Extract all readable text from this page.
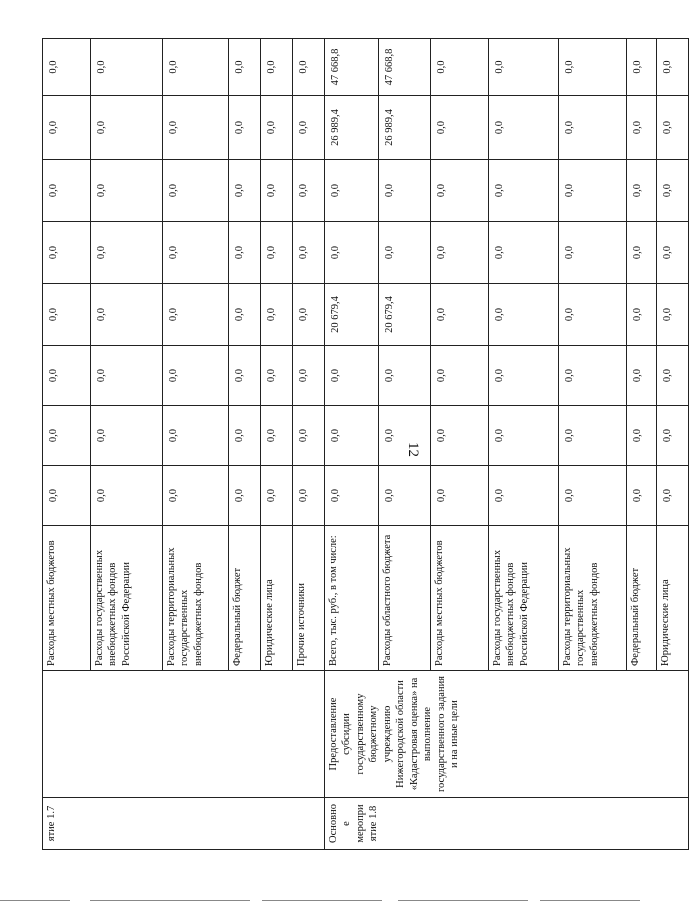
12
ятие 1.7		Расходы местных бюджетов	0,0	0,0	0,0	0,0	0,0	0,0	0,0	0,0
		Расходы государственных внебюджетных фондов Российской Федерации	0,0	0,0	0,0	0,0	0,0	0,0	0,0	0,0
		Расходы территориальных государственных внебюджетных фондов	0,0	0,0	0,0	0,0	0,0	0,0	0,0	0,0
		Федеральный бюджет	0,0	0,0	0,0	0,0	0,0	0,0	0,0	0,0
		Юридические лица	0,0	0,0	0,0	0,0	0,0	0,0	0,0	0,0
		Прочие источники	0,0	0,0	0,0	0,0	0,0	0,0	0,0	0,0
Основное мероприятие 1.8	Предоставление субсидии государственному бюджетному учреждению Нижегородской области «Кадастровая оценка» на выполнение государственного задания и на иные цели	Всего, тыс. руб., в том числе:	0,0	0,0	0,0	20 679,4	0,0	0,0	26 989,4	47 668,8
		Расходы областного бюджета	0,0	0,0	0,0	20 679,4	0,0	0,0	26 989,4	47 668,8
		Расходы местных бюджетов	0,0	0,0	0,0	0,0	0,0	0,0	0,0	0,0
		Расходы государственных внебюджетных фондов Российской Федерации	0,0	0,0	0,0	0,0	0,0	0,0	0,0	0,0
		Расходы территориальных государственных внебюджетных фондов	0,0	0,0	0,0	0,0	0,0	0,0	0,0	0,0
		Федеральный бюджет	0,0	0,0	0,0	0,0	0,0	0,0	0,0	0,0
		Юридические лица	0,0	0,0	0,0	0,0	0,0	0,0	0,0	0,0
